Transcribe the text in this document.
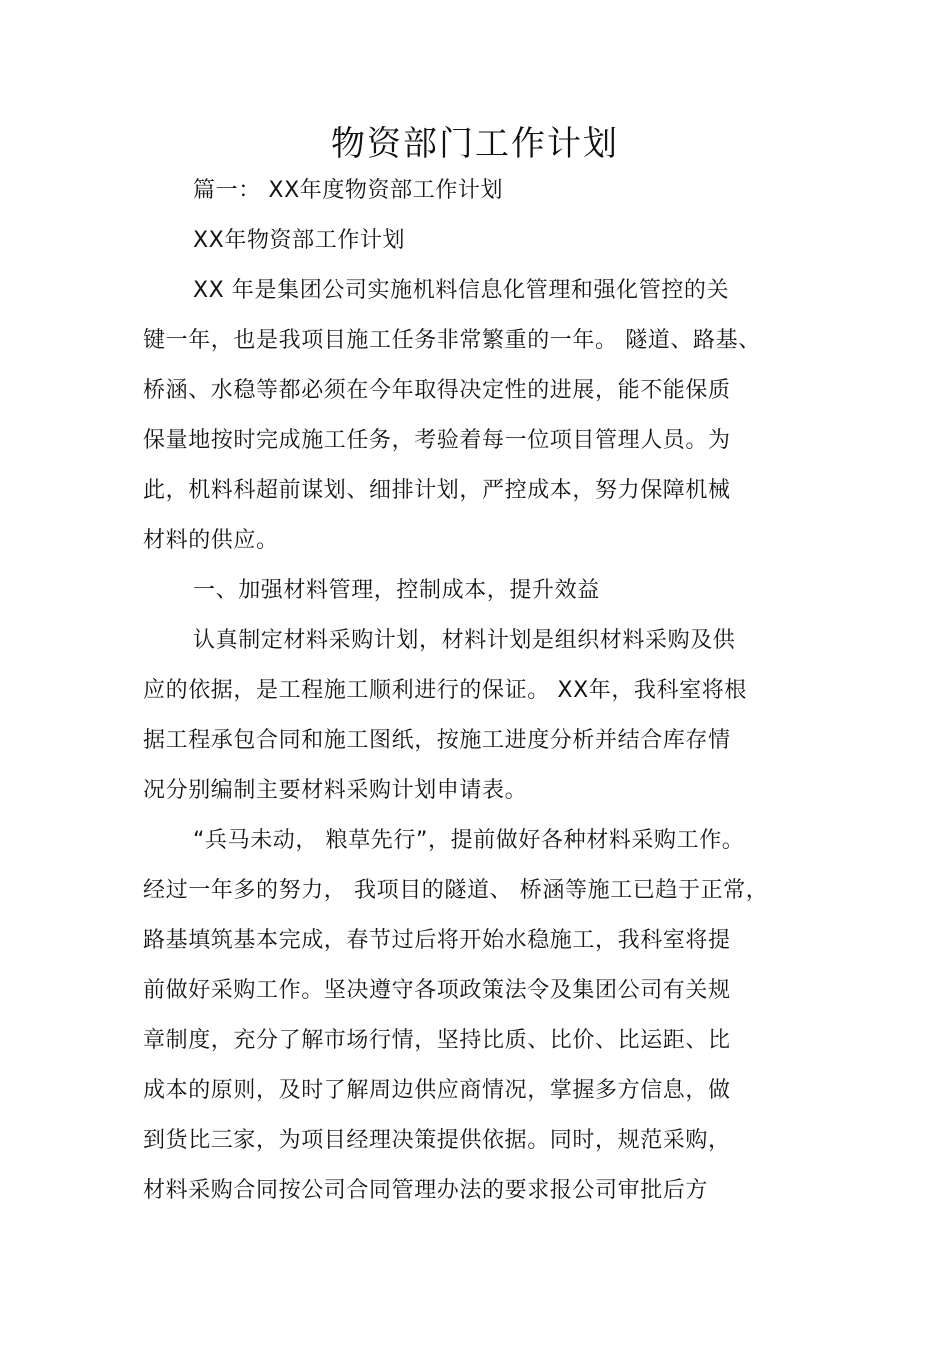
物资部门工作计划
篇一： XX年度物资部工作计划
XX年物资部工作计划
XX 年是集团公司实施机料信息化管理和强化管控的关
键一年，也是我项目施工任务非常繁重的一年。 隧道、路基、
桥涵、水稳等都必须在今年取得决定性的进展，能不能保质
保量地按时完成施工任务，考验着每一位项目管理人员。为
此，机料科超前谋划、细排计划，严控成本，努力保障机械
材料的供应。
一、加强材料管理，控制成本，提升效益
认真制定材料采购计划，材料计划是组织材料采购及供
应的依据，是工程施工顺利进行的保证。 XX年，我科室将根
据工程承包合同和施工图纸，按施工进度分析并结合库存情
况分别编制主要材料采购计划申请表。
“兵马未动， 粮草先行”，提前做好各种材料采购工作。
经过一年多的努力， 我项目的隧道、 桥涵等施工已趋于正常，
路基填筑基本完成，春节过后将开始水稳施工，我科室将提
前做好采购工作。坚决遵守各项政策法令及集团公司有关规
章制度，充分了解市场行情，坚持比质、比价、比运距、比
成本的原则，及时了解周边供应商情况，掌握多方信息，做
到货比三家，为项目经理决策提供依据。同时，规范采购，
材料采购合同按公司合同管理办法的要求报公司审批后方
